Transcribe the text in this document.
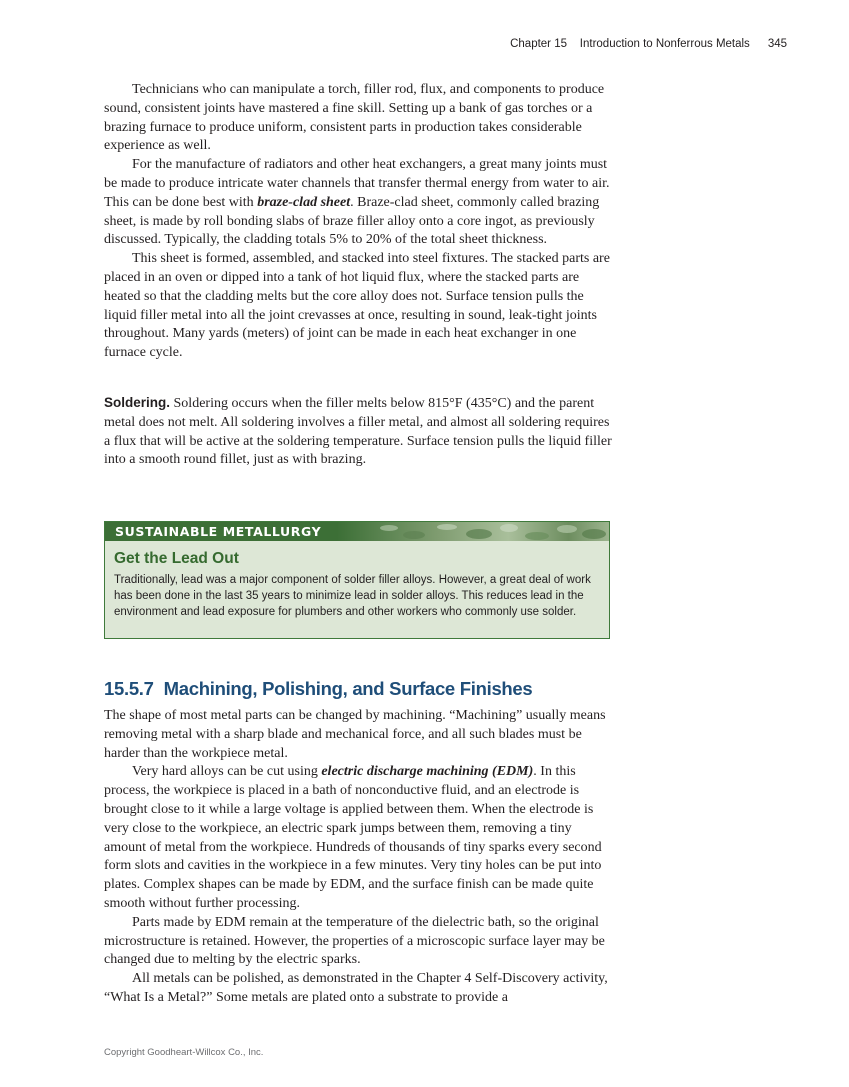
Chapter 15 Introduction to Nonferrous Metals 345

Technicians who can manipulate a torch, filler rod, flux, and components to produce sound, consistent joints have mastered a fine skill. Setting up a bank of gas torches or a brazing furnace to produce uniform, consistent parts in production takes considerable experience as well.

For the manufacture of radiators and other heat exchangers, a great many joints must be made to produce intricate water channels that transfer thermal energy from water to air. This can be done best with braze-clad sheet. Braze-clad sheet, commonly called brazing sheet, is made by roll bonding slabs of braze filler alloy onto a core ingot, as previously discussed. Typically, the cladding totals 5% to 20% of the total sheet thickness.

This sheet is formed, assembled, and stacked into steel fixtures. The stacked parts are placed in an oven or dipped into a tank of hot liquid flux, where the stacked parts are heated so that the cladding melts but the core alloy does not. Surface tension pulls the liquid filler metal into all the joint crevasses at once, resulting in sound, leak-tight joints throughout. Many yards (meters) of joint can be made in each heat exchanger in one furnace cycle.

Soldering. Soldering occurs when the filler melts below 815°F (435°C) and the parent metal does not melt. All soldering involves a filler metal, and almost all soldering requires a flux that will be active at the soldering temperature. Surface tension pulls the liquid filler into a smooth round fillet, just as with brazing.

SUSTAINABLE METALLURGY
Get the Lead Out
Traditionally, lead was a major component of solder filler alloys. However, a great deal of work has been done in the last 35 years to minimize lead in solder alloys. This reduces lead in the environment and lead exposure for plumbers and other workers who commonly use solder.
15.5.7 Machining, Polishing, and Surface Finishes

The shape of most metal parts can be changed by machining. “Machining” usually means removing metal with a sharp blade and mechanical force, and all such blades must be harder than the workpiece metal.

Very hard alloys can be cut using electric discharge machining (EDM). In this process, the workpiece is placed in a bath of nonconductive fluid, and an electrode is brought close to it while a large voltage is applied between them. When the electrode is very close to the workpiece, an electric spark jumps between them, removing a tiny amount of metal from the workpiece. Hundreds of thousands of tiny sparks every second form slots and cavities in the workpiece in a few minutes. Very tiny holes can be put into plates. Complex shapes can be made by EDM, and the surface finish can be made quite smooth without further processing.

Parts made by EDM remain at the temperature of the dielectric bath, so the original microstructure is retained. However, the properties of a microscopic surface layer may be changed due to melting by the electric sparks.

All metals can be polished, as demonstrated in the Chapter 4 Self-Discovery activity, “What Is a Metal?” Some metals are plated onto a substrate to provide a

Copyright Goodheart-Willcox Co., Inc.
